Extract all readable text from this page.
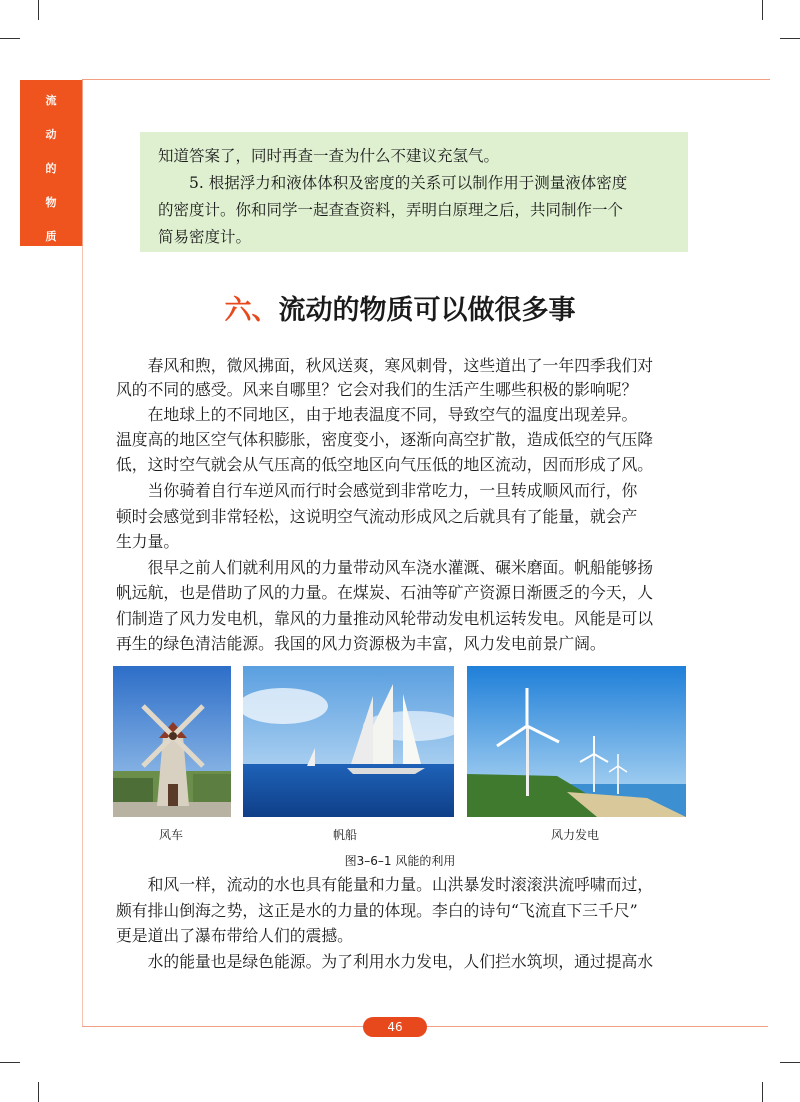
流
动
的
物
质
知道答案了，同时再查一查为什么不建议充氢气。
　　5. 根据浮力和液体体积及密度的关系可以制作用于测量液体密度
的密度计。你和同学一起查查资料，弄明白原理之后，共同制作一个
简易密度计。
六、流动的物质可以做很多事
　　春风和煦，微风拂面，秋风送爽，寒风刺骨，这些道出了一年四季我们对
风的不同的感受。风来自哪里？它会对我们的生活产生哪些积极的影响呢？
　　在地球上的不同地区，由于地表温度不同，导致空气的温度出现差异。
温度高的地区空气体积膨胀，密度变小，逐渐向高空扩散，造成低空的气压降
低，这时空气就会从气压高的低空地区向气压低的地区流动，因而形成了风。
　　当你骑着自行车逆风而行时会感觉到非常吃力，一旦转成顺风而行，你
顿时会感觉到非常轻松，这说明空气流动形成风之后就具有了能量，就会产
生力量。
　　很早之前人们就利用风的力量带动风车浇水灌溉、碾米磨面。帆船能够扬
帆远航，也是借助了风的力量。在煤炭、石油等矿产资源日渐匮乏的今天，人
们制造了风力发电机，靠风的力量推动风轮带动发电机运转发电。风能是可以
再生的绿色清洁能源。我国的风力资源极为丰富，风力发电前景广阔。
风车	帆船	风力发电
图3–6–1 风能的利用
　　和风一样，流动的水也具有能量和力量。山洪暴发时滚滚洪流呼啸而过，
颇有排山倒海之势，这正是水的力量的体现。李白的诗句“飞流直下三千尺”
更是道出了瀑布带给人们的震撼。
　　水的能量也是绿色能源。为了利用水力发电，人们拦水筑坝，通过提高水
46
